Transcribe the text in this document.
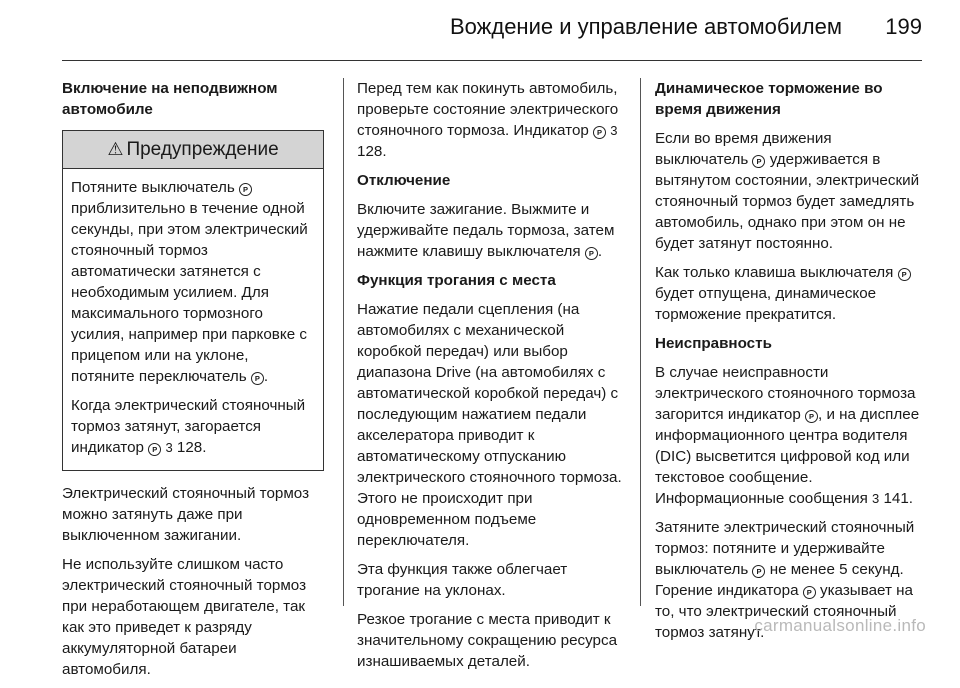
Вождение и управление автомобилем 199

Включение на неподвижном автомобиле

⚠ Предупреждение

Потяните выключатель P приблизительно в течение одной секунды, при этом электрический стояночный тормоз автоматически затянется с необходимым усилием. Для максимального тормозного усилия, например при парковке с прицепом или на уклоне, потяните переключатель P .

Когда электрический стояночный тормоз затянут, загорается индикатор P 3 128.

Электрический стояночный тормоз можно затянуть даже при выключенном зажигании.

Не используйте слишком часто электрический стояночный тормоз при неработающем двигателе, так как это приведет к разряду аккумуляторной батареи автомобиля.

Перед тем как покинуть автомобиль, проверьте состояние электрического стояночного тормоза. Индикатор P 3 128.

Отключение

Включите зажигание. Выжмите и удерживайте педаль тормоза, затем нажмите клавишу выключателя P .

Функция трогания с места

Нажатие педали сцепления (на автомобилях с механической коробкой передач) или выбор диапазона Drive (на автомобилях с автоматической коробкой передач) с последующим нажатием педали акселератора приводит к автоматическому отпусканию электрического стояночного тормоза. Этого не происходит при одновременном подъеме переключателя.

Эта функция также облегчает трогание на уклонах.

Резкое трогание с места приводит к значительному сокращению ресурса изнашиваемых деталей.

Динамическое торможение во время движения

Если во время движения выключатель P удерживается в вытянутом состоянии, электрический стояночный тормоз будет замедлять автомобиль, однако при этом он не будет затянут постоянно.

Как только клавиша выключателя P будет отпущена, динамическое торможение прекратится.

Неисправность

В случае неисправности электрического стояночного тормоза загорится индикатор P , и на дисплее информационного центра водителя (DIC) высветится цифровой код или текстовое сообщение. Информационные сообщения 3 141.

Затяните электрический стояночный тормоз: потяните и удерживайте выключатель P не менее 5 секунд. Горение индикатора P указывает на то, что электрический стояночный тормоз затянут.

carmanualsonline.info
